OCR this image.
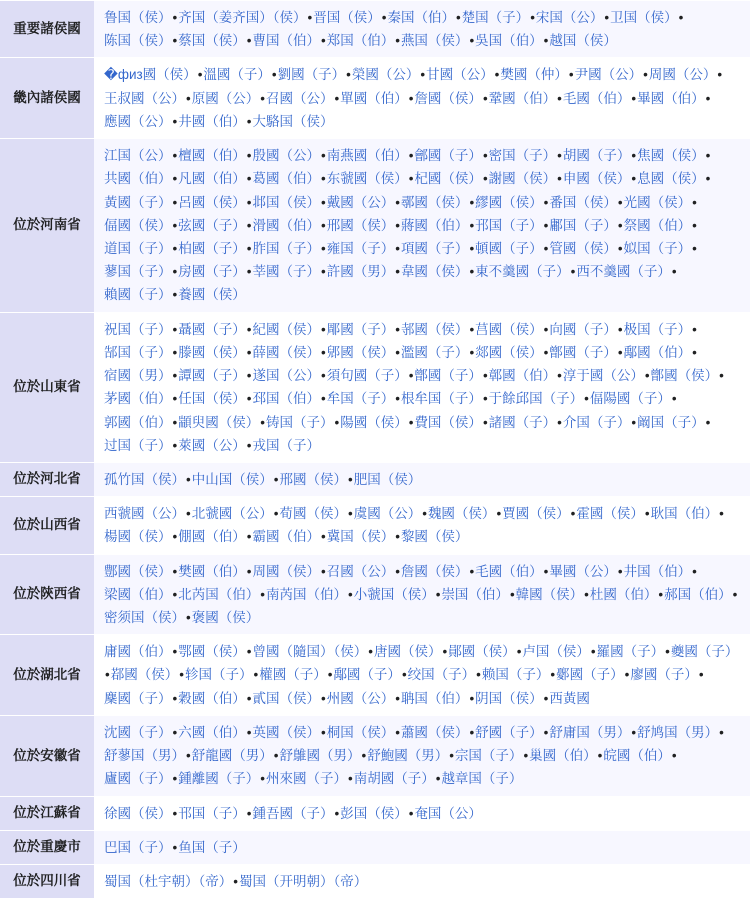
重要諸侯國	鲁国（侯）•齐国（姜齐国）（侯）•晋国（侯）•秦国（伯）•楚国（子）•宋国（公）•卫国（侯）•陈国（侯）•蔡国（侯）•曹国（伯）•郑国（伯）•燕国（侯）•吳国（伯）•越国（侯）
畿內諸侯國	�физ國（侯）•溫國（子）•劉國（子）•榮國（公）•甘國（公）•樊國（仲）•尹國（公）•周國（公）•王叔國（公）•原國（公）•召國（公）•單國（伯）•詹國（侯）•鞏國（伯）•毛國（伯）•畢國（伯）•應國（公）•井國（伯）•大駱国（侯）
位於河南省	江国（公）•檀國（伯）•殷國（公）•南燕國（伯）•鄶國（子）•密国（子）•胡國（子）•焦國（侯）•共國（伯）•凡國（伯）•葛國（伯）•东虢國（侯）•杞國（侯）•謝國（侯）•申國（侯）•息國（侯）•黃國（子）•呂國（侯）•邶国（侯）•戴國（公）•鄩國（侯）•繆國（侯）•番国（侯）•光國（侯）•偪國（侯）•弦國（子）•滑國（伯）•邢國（侯）•蔣國（伯）•邘国（子）•鄘国（子）•祭國（伯）•道国（子）•柏國（子）•胙国（子）•雍国（子）•項國（子）•頓國（子）•管國（侯）•姒国（子）•蓼国（子）•房國（子）•莘國（子）•許國（男）•韋國（侯）•東不羹國（子）•西不羹國（子）•賴國（子）•養國（侯）
位於山東省	祝国（子）•聶國（子）•紀國（侯）•郮國（子）•邿國（侯）•莒國（侯）•向國（子）•极国（子）•郜国（子）•滕國（侯）•薛國（侯）•郳國（侯）•濫國（子）•郯國（侯）•鄫國（子）•鄅國（伯）•宿國（男）•譚國（子）•遂国（公）•須句國（子）•鄫國（子）•鄣國（伯）•淳于國（公）•鄫國（侯）•茅國（伯）•任国（侯）•邳国（伯）•牟国（子）•根牟国（子）•于餘邱国（子）•偪陽國（子）•郭國（伯）•顓臾國（侯）•铸国（子）•陽國（侯）•費国（侯）•諸國（子）•介国（子）•阚国（子）•过国（子）•萊國（公）•戎国（子）
位於河北省	孤竹国（侯）•中山国（侯）•邢國（侯）•肥国（侯）
位於山西省	西虢國（公）•北虢國（公）•荀國（侯）•虞國（公）•魏國（侯）•賈國（侯）•霍國（侯）•耿国（伯）•楊國（侯）•倗國（伯）•霸國（伯）•冀国（侯）•黎國（侯）
位於陝西省	鄷國（侯）•樊國（伯）•周國（侯）•召國（公）•詹國（侯）•毛國（伯）•畢國（公）•井国（伯）•梁國（伯）•北芮国（伯）•南芮国（伯）•小虢国（侯）•崇国（伯）•韓國（侯）•杜國（伯）•郝国（伯）•密须国（侯）•褒國（侯）
位於湖北省	庸國（伯）•鄂國（侯）•曾國（隨国）（侯）•唐國（侯）•鄖國（侯）•卢国（侯）•羅國（子）•夔國（子）•鄀國（侯）•轸国（子）•權國（子）•鄅國（子）•绞国（子）•赖国（子）•鄾國（子）•廖國（子）•麇國（子）•穀國（伯）•貳国（侯）•州國（公）•聃国（伯）•阴国（侯）•西黃國
位於安徽省	沈國（子）•六國（伯）•英國（侯）•桐国（侯）•蕭國（侯）•舒國（子）•舒庸国（男）•舒鸠国（男）•舒蓼国（男）•舒龍國（男）•舒鵻國（男）•舒鮑國（男）•宗国（子）•巢國（伯）•皖國（伯）•廬國（子）•鍾離國（子）•州來國（子）•南胡國（子）•越章国（子）
位於江蘇省	徐國（侯）•邗国（子）•鍾吾國（子）•彭国（侯）•奄国（公）
位於重慶市	巴国（子）•鱼国（子）
位於四川省	蜀国（杜宇朝）（帝）•蜀国（开明朝）（帝）
